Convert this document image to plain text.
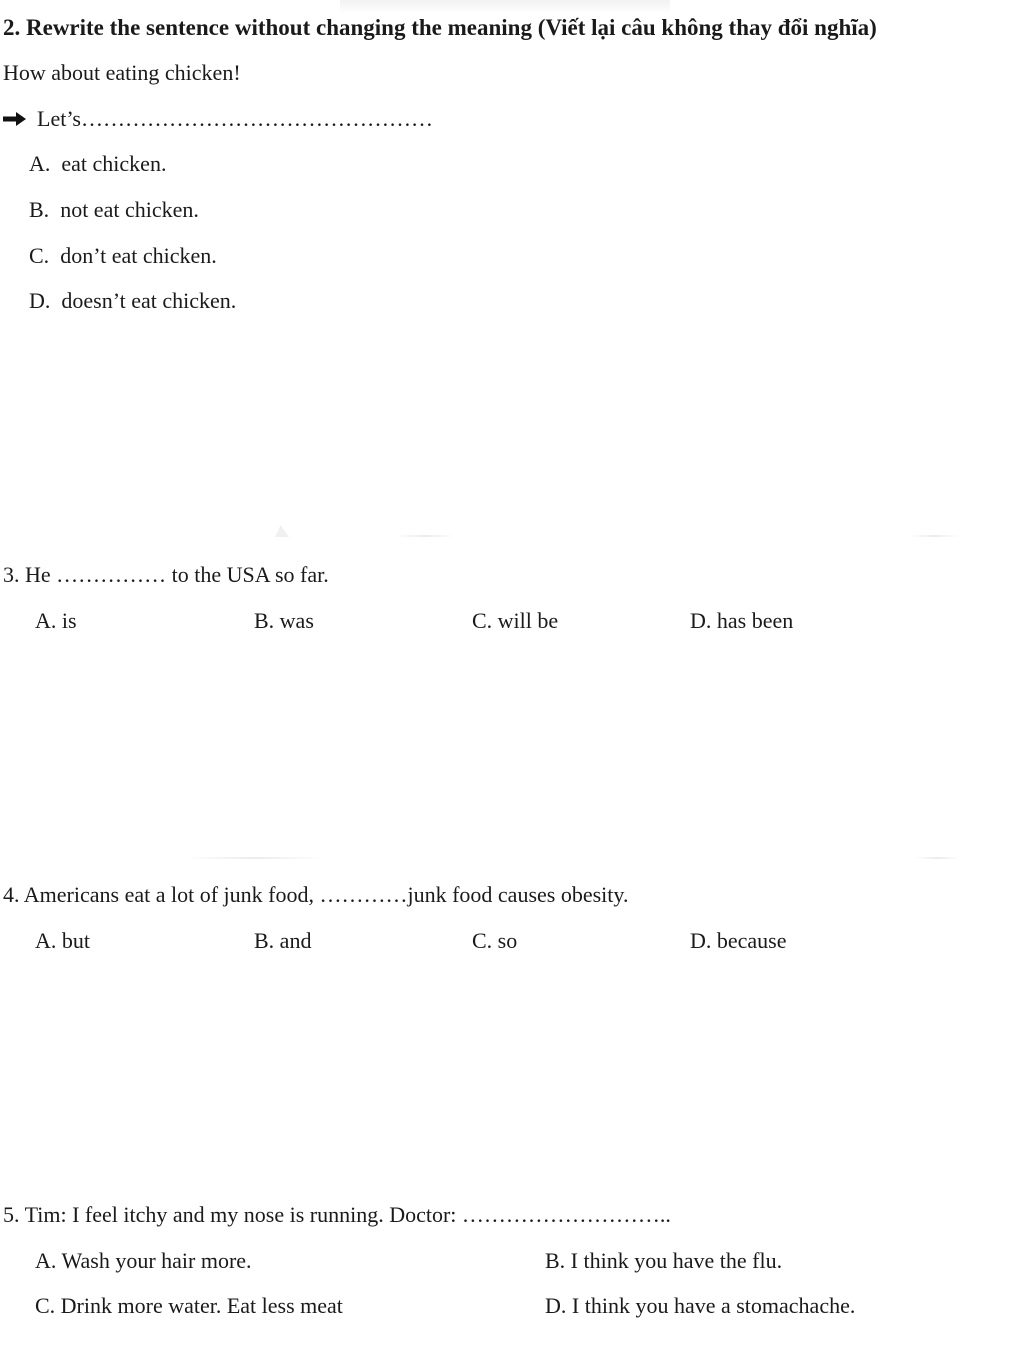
2. Rewrite the sentence without changing the meaning (Viết lại câu không thay đổi nghĩa)
How about eating chicken!
Let’s…………………………………………
A. eat chicken.
B. not eat chicken.
C. don’t eat chicken.
D. doesn’t eat chicken.
3. He …………… to the USA so far.
A. is	B. was	C. will be	D. has been
4. Americans eat a lot of junk food, …………junk food causes obesity.
A. but	B. and	C. so	D. because
5. Tim: I feel itchy and my nose is running. Doctor: ………………………..
A. Wash your hair more.	B. I think you have the flu.
C. Drink more water. Eat less meat	D. I think you have a stomachache.
